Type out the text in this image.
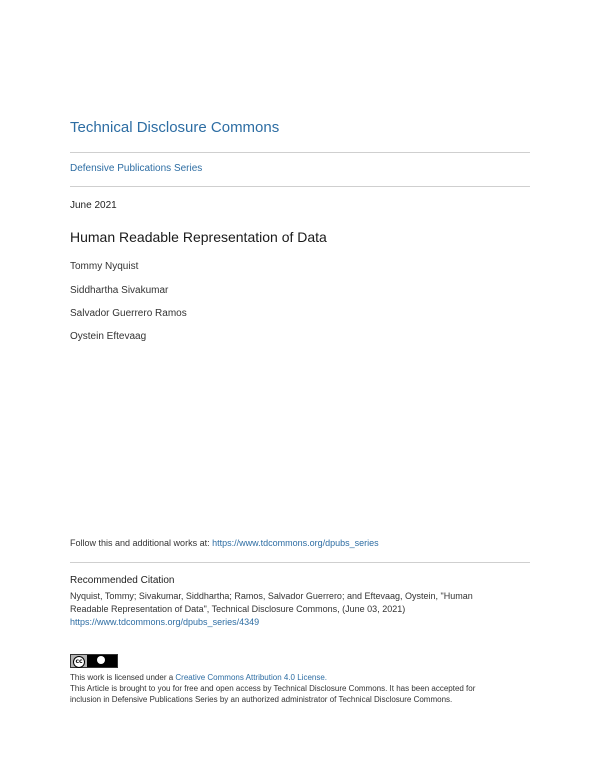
Technical Disclosure Commons
Defensive Publications Series
June 2021
Human Readable Representation of Data
Tommy Nyquist
Siddhartha Sivakumar
Salvador Guerrero Ramos
Oystein Eftevaag
Follow this and additional works at: https://www.tdcommons.org/dpubs_series
Recommended Citation
Nyquist, Tommy; Sivakumar, Siddhartha; Ramos, Salvador Guerrero; and Eftevaag, Oystein, "Human
Readable Representation of Data", Technical Disclosure Commons, (June 03, 2021)
https://www.tdcommons.org/dpubs_series/4349
cc
This work is licensed under a Creative Commons Attribution 4.0 License.
This Article is brought to you for free and open access by Technical Disclosure Commons. It has been accepted for
inclusion in Defensive Publications Series by an authorized administrator of Technical Disclosure Commons.
